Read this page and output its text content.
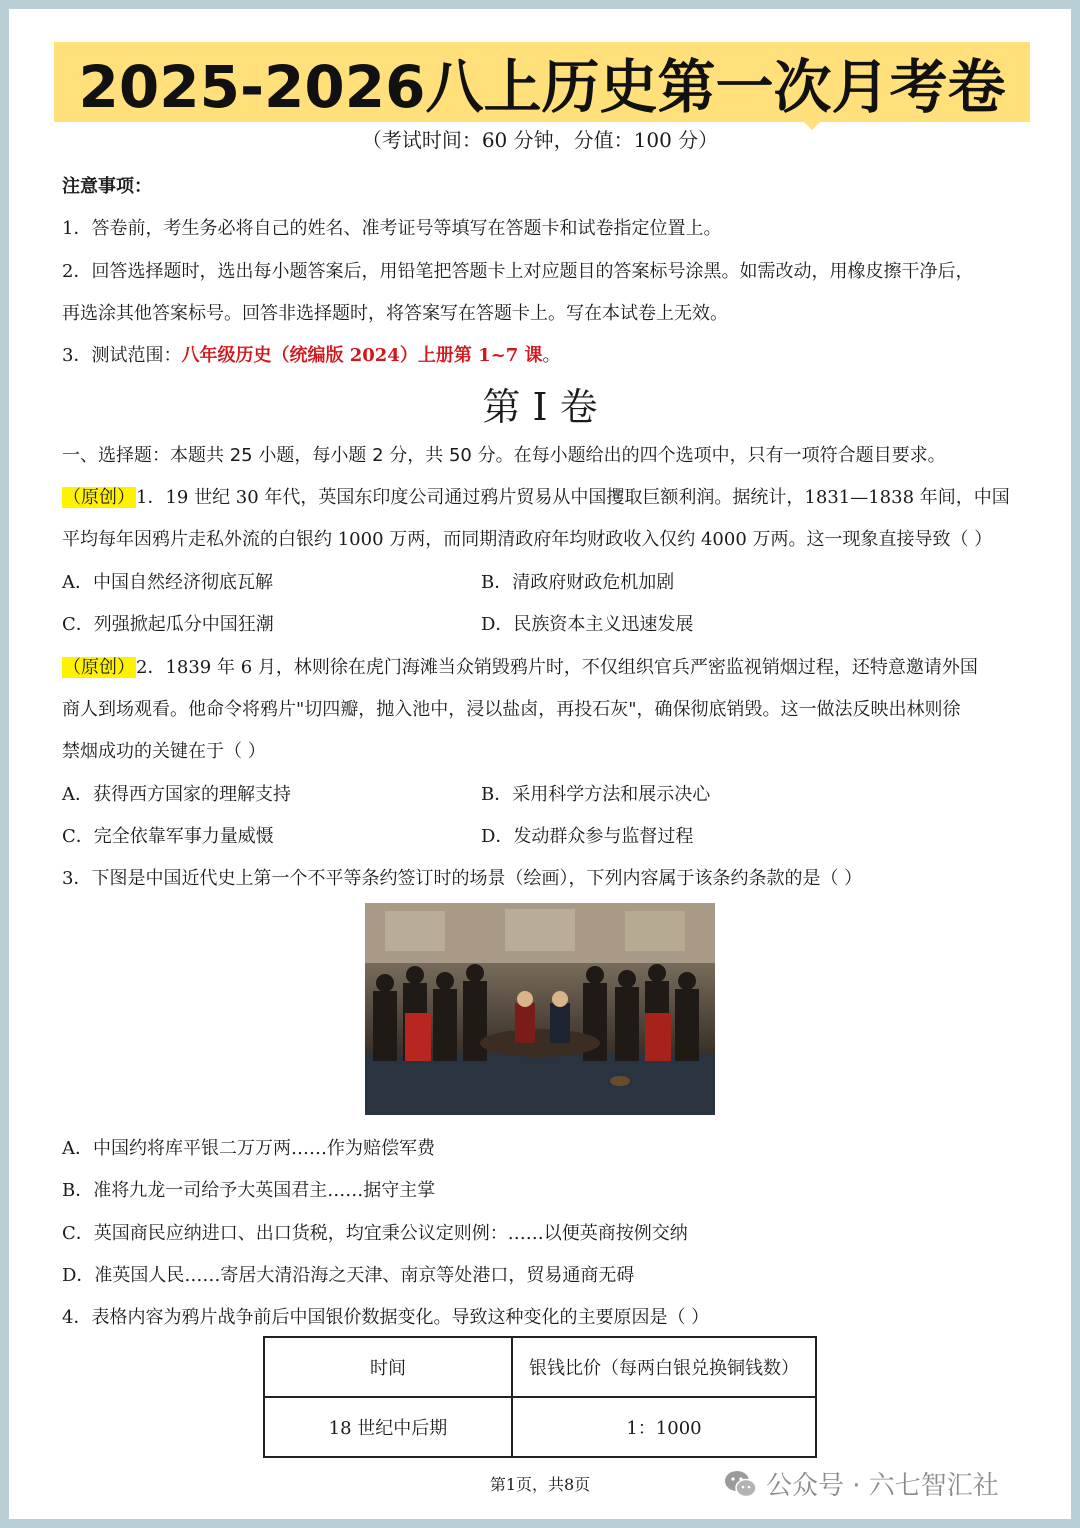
2025-2026八上历史第一次月考卷
（考试时间：60 分钟，分值：100 分）
注意事项：
1．答卷前，考生务必将自己的姓名、准考证号等填写在答题卡和试卷指定位置上。
2．回答选择题时，选出每小题答案后，用铅笔把答题卡上对应题目的答案标号涂黑。如需改动，用橡皮擦干净后，
再选涂其他答案标号。回答非选择题时，将答案写在答题卡上。写在本试卷上无效。
3．测试范围：八年级历史（统编版 2024）上册第 1~7 课。
第 I 卷
一、选择题：本题共 25 小题，每小题 2 分，共 50 分。在每小题给出的四个选项中，只有一项符合题目要求。
（原创）1．19 世纪 30 年代，英国东印度公司通过鸦片贸易从中国攫取巨额利润。据统计，1831—1838 年间，中国
平均每年因鸦片走私外流的白银约 1000 万两，而同期清政府年均财政收入仅约 4000 万两。这一现象直接导致（ ）
A．中国自然经济彻底瓦解	B．清政府财政危机加剧
C．列强掀起瓜分中国狂潮	D．民族资本主义迅速发展
（原创）2．1839 年 6 月，林则徐在虎门海滩当众销毁鸦片时，不仅组织官兵严密监视销烟过程，还特意邀请外国
商人到场观看。他命令将鸦片"切四瓣，抛入池中，浸以盐卤，再投石灰"，确保彻底销毁。这一做法反映出林则徐
禁烟成功的关键在于（ ）
A．获得西方国家的理解支持	B．采用科学方法和展示决心
C．完全依靠军事力量威慑	D．发动群众参与监督过程
3．下图是中国近代史上第一个不平等条约签订时的场景（绘画），下列内容属于该条约条款的是（ ）
A．中国约将库平银二万万两……作为赔偿军费
B．准将九龙一司给予大英国君主……据守主掌
C．英国商民应纳进口、出口货税，均宜秉公议定则例：……以便英商按例交纳
D．准英国人民……寄居大清沿海之天津、南京等处港口，贸易通商无碍
4．表格内容为鸦片战争前后中国银价数据变化。导致这种变化的主要原因是（ ）
时间	银钱比价（每两白银兑换铜钱数）
18 世纪中后期	1：1000
第1页，共8页	公众号 · 六七智汇社
